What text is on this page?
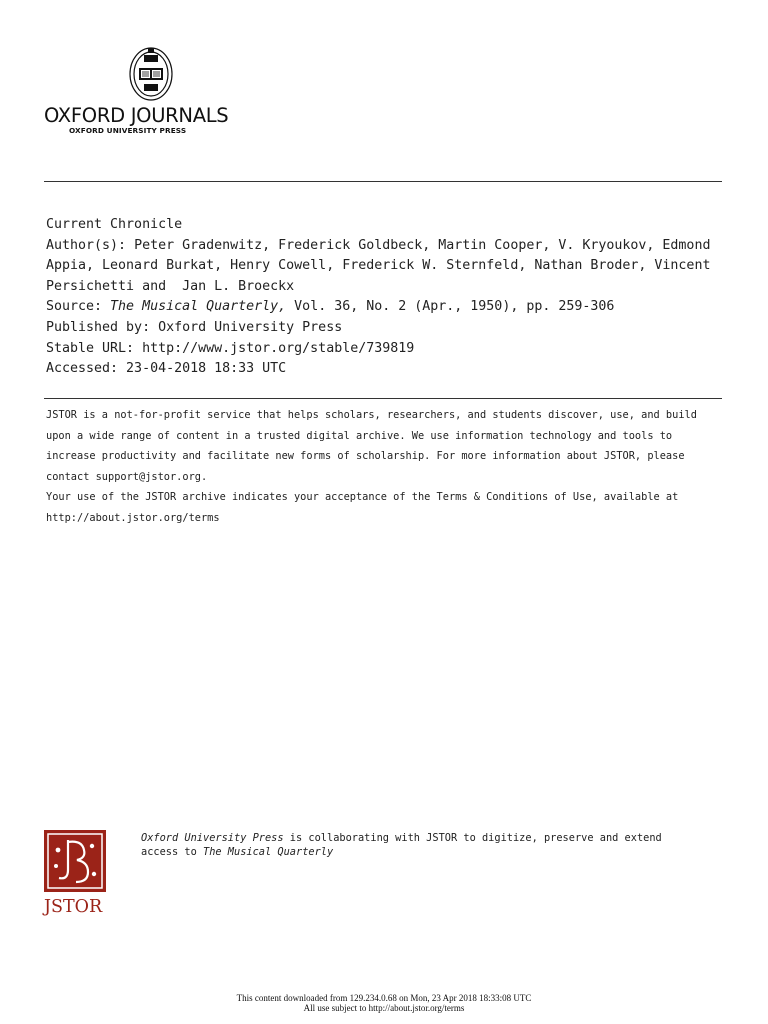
OXFORD JOURNALS
OXFORD UNIVERSITY PRESS
Current Chronicle
Author(s): Peter Gradenwitz, Frederick Goldbeck, Martin Cooper, V. Kryoukov, Edmond Appia, Leonard Burkat, Henry Cowell, Frederick W. Sternfeld, Nathan Broder, Vincent Persichetti and  Jan L. Broeckx
Source: The Musical Quarterly, Vol. 36, No. 2 (Apr., 1950), pp. 259-306
Published by: Oxford University Press
Stable URL: http://www.jstor.org/stable/739819
Accessed: 23-04-2018 18:33 UTC
JSTOR is a not-for-profit service that helps scholars, researchers, and students discover, use, and build upon a wide range of content in a trusted digital archive. We use information technology and tools to increase productivity and facilitate new forms of scholarship. For more information about JSTOR, please contact support@jstor.org.
Your use of the JSTOR archive indicates your acceptance of the Terms & Conditions of Use, available at http://about.jstor.org/terms
JSTOR
Oxford University Press is collaborating with JSTOR to digitize, preserve and extend access to The Musical Quarterly
This content downloaded from 129.234.0.68 on Mon, 23 Apr 2018 18:33:08 UTC
All use subject to http://about.jstor.org/terms
